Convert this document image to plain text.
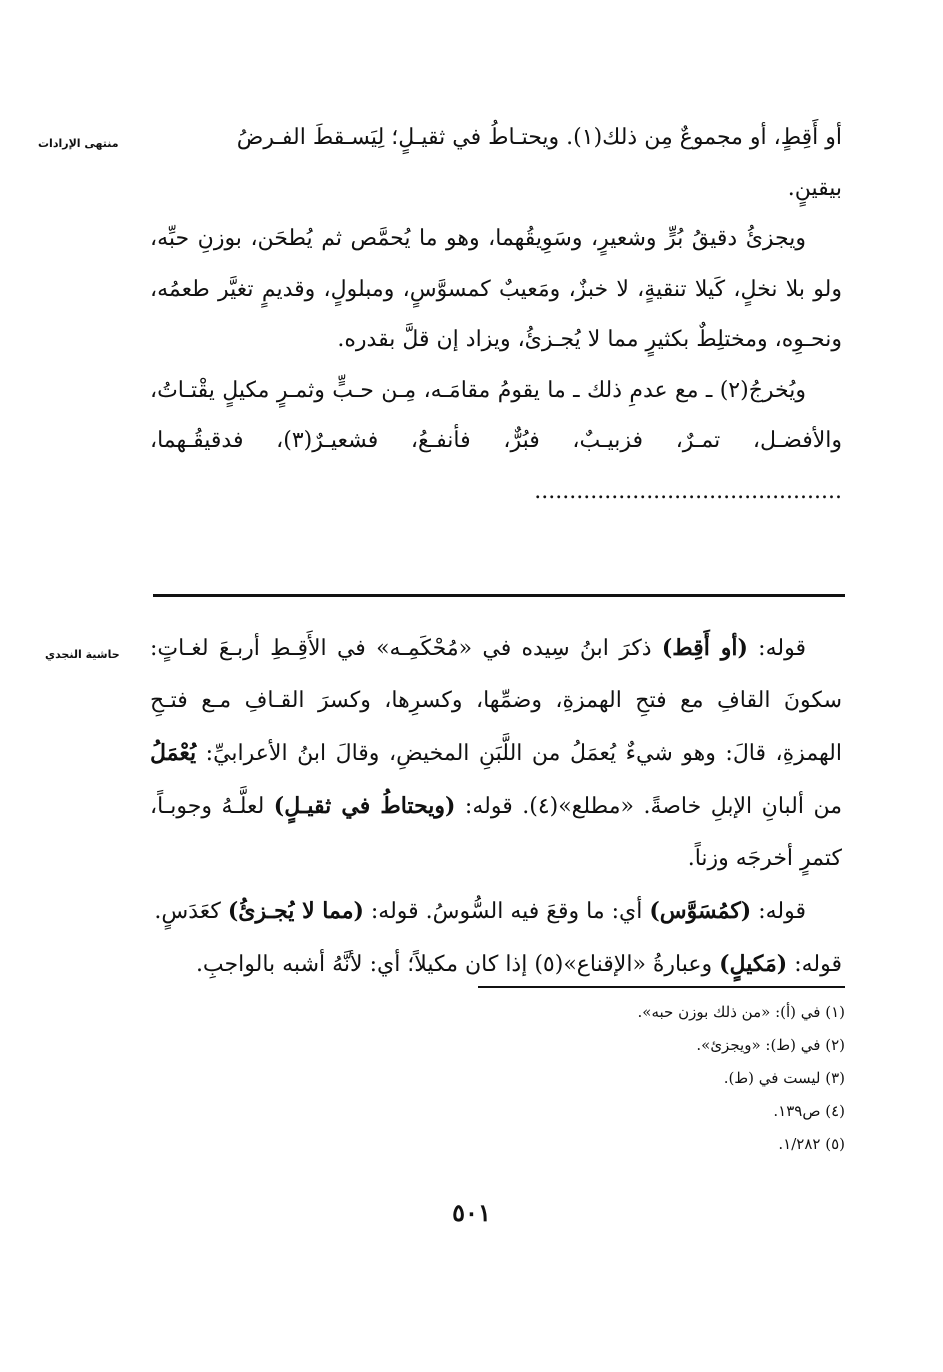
منتهى الإرادات
حاشية النجدي

أو أَقِطٍ، أو مجموعٌ مِن ذلك(١). ويحتـاطُ في ثقيـلٍ؛ لِيَسـقطَ الفـرضُ
بيقينٍ.

ويجزئُ دقيقُ بُرٍّ وشعيرٍ، وسَوِيقُهما، وهو ما يُحمَّص ثم يُطحَن، بوزنِ حبِّه، ولو بلا نخلٍ، كَيلا تنقيةٍ، لا خبزٌ، ومَعيبٌ كمسوَّسٍ، ومبلولٍ، وقديمٍ تغيَّر طعمُه، ونحـوِه، ومختلِطٌ بكثيرٍ مما لا يُجـزئُ، ويزاد إن قلَّ بقدره.

ويُخرجُ(٢) ـ مع عدمِ ذلك ـ ما يقومُ مقامَـه، مِـن حـبٍّ وثمـرٍ مكيلٍ يقْتـاتُ، والأفضـل، تمـرٌ، فزبيـبٌ، فبُرٌّ، فأنفـعُ، فشعيـرٌ(٣)، فدقيقُـهما، ............................................

قوله: (أو أَقِط) ذكرَ ابنُ سِيده في «مُحْكَمِـه» في الأَقِـطِ أربـعَ لغـاتٍ: سكونَ القافِ مع فتحِ الهمزةِ، وضمِّها، وكسرِها، وكسرَ القـافِ مـع فتـحِ الهمزةِ، قالَ: وهو شيءٌ يُعمَلُ من اللَّبَنِ المخيضِ، وقالَ ابنُ الأعرابيِّ: يُعْمَلُ من ألبانِ الإبلِ خاصةً. «مطلع»(٤). قوله: (ويحتاطُ في ثقيـلٍ) لعلَّـهُ وجوبـاً، كتمرٍ أخرجَه وزناً.

قوله: (كمُسَوَّس) أي: ما وقعَ فيه السُّوسُ. قوله: (مما لا يُجـزئُ) كعَدَسٍ.

قوله: (مَكيلٍ) وعبارةُ «الإقناع»(٥) إذا كان مكيلاً؛ أي: لأنَّهُ أشبه بالواجبِ.

(١) في (أ): «من ذلك بوزن حبه».
(٢) في (ط): «ويجزئ».
(٣) ليست في (ط).
(٤) ص١٣٩.
(٥) ١/٢٨٢.
٥٠١
